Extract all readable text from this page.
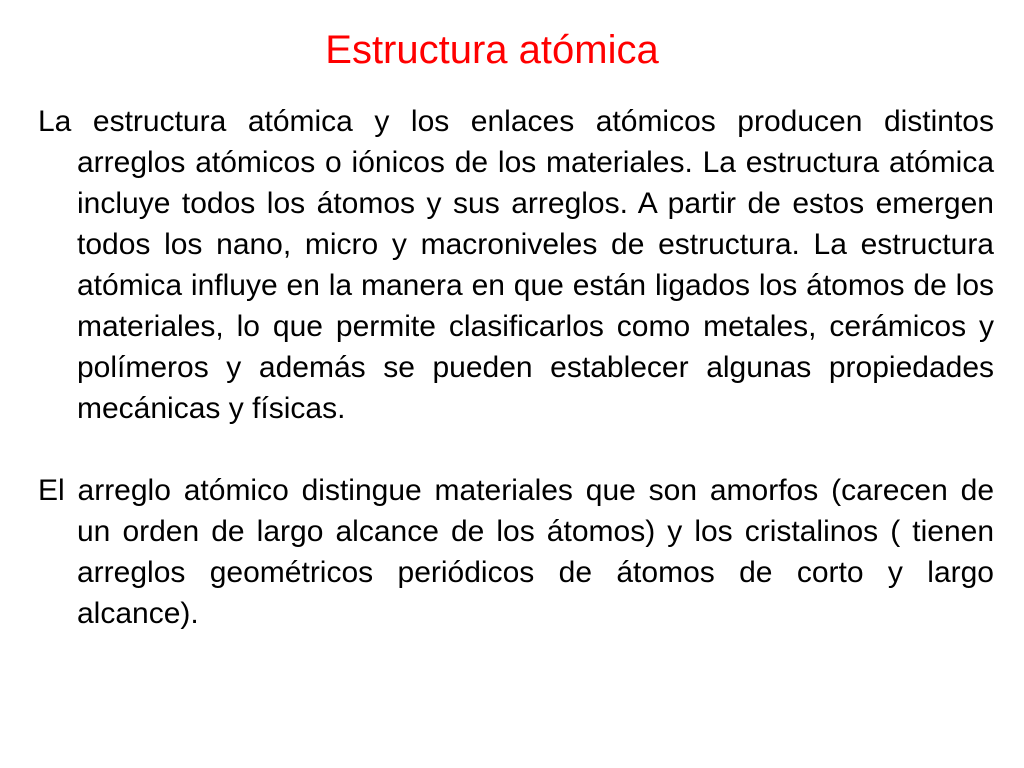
Estructura atómica

La estructura atómica y los enlaces atómicos producen distintos arreglos atómicos o iónicos de los materiales. La estructura atómica incluye todos los átomos y sus arreglos. A partir de estos emergen todos los nano, micro y macroniveles de estructura. La estructura atómica influye en la manera en que están ligados los átomos de los materiales, lo que permite clasificarlos como metales, cerámicos y polímeros y además se pueden establecer algunas propiedades mecánicas y físicas.

El arreglo atómico distingue materiales que son amorfos (carecen de un orden de largo alcance de los átomos) y los cristalinos ( tienen arreglos geométricos periódicos de átomos de corto y largo alcance).
